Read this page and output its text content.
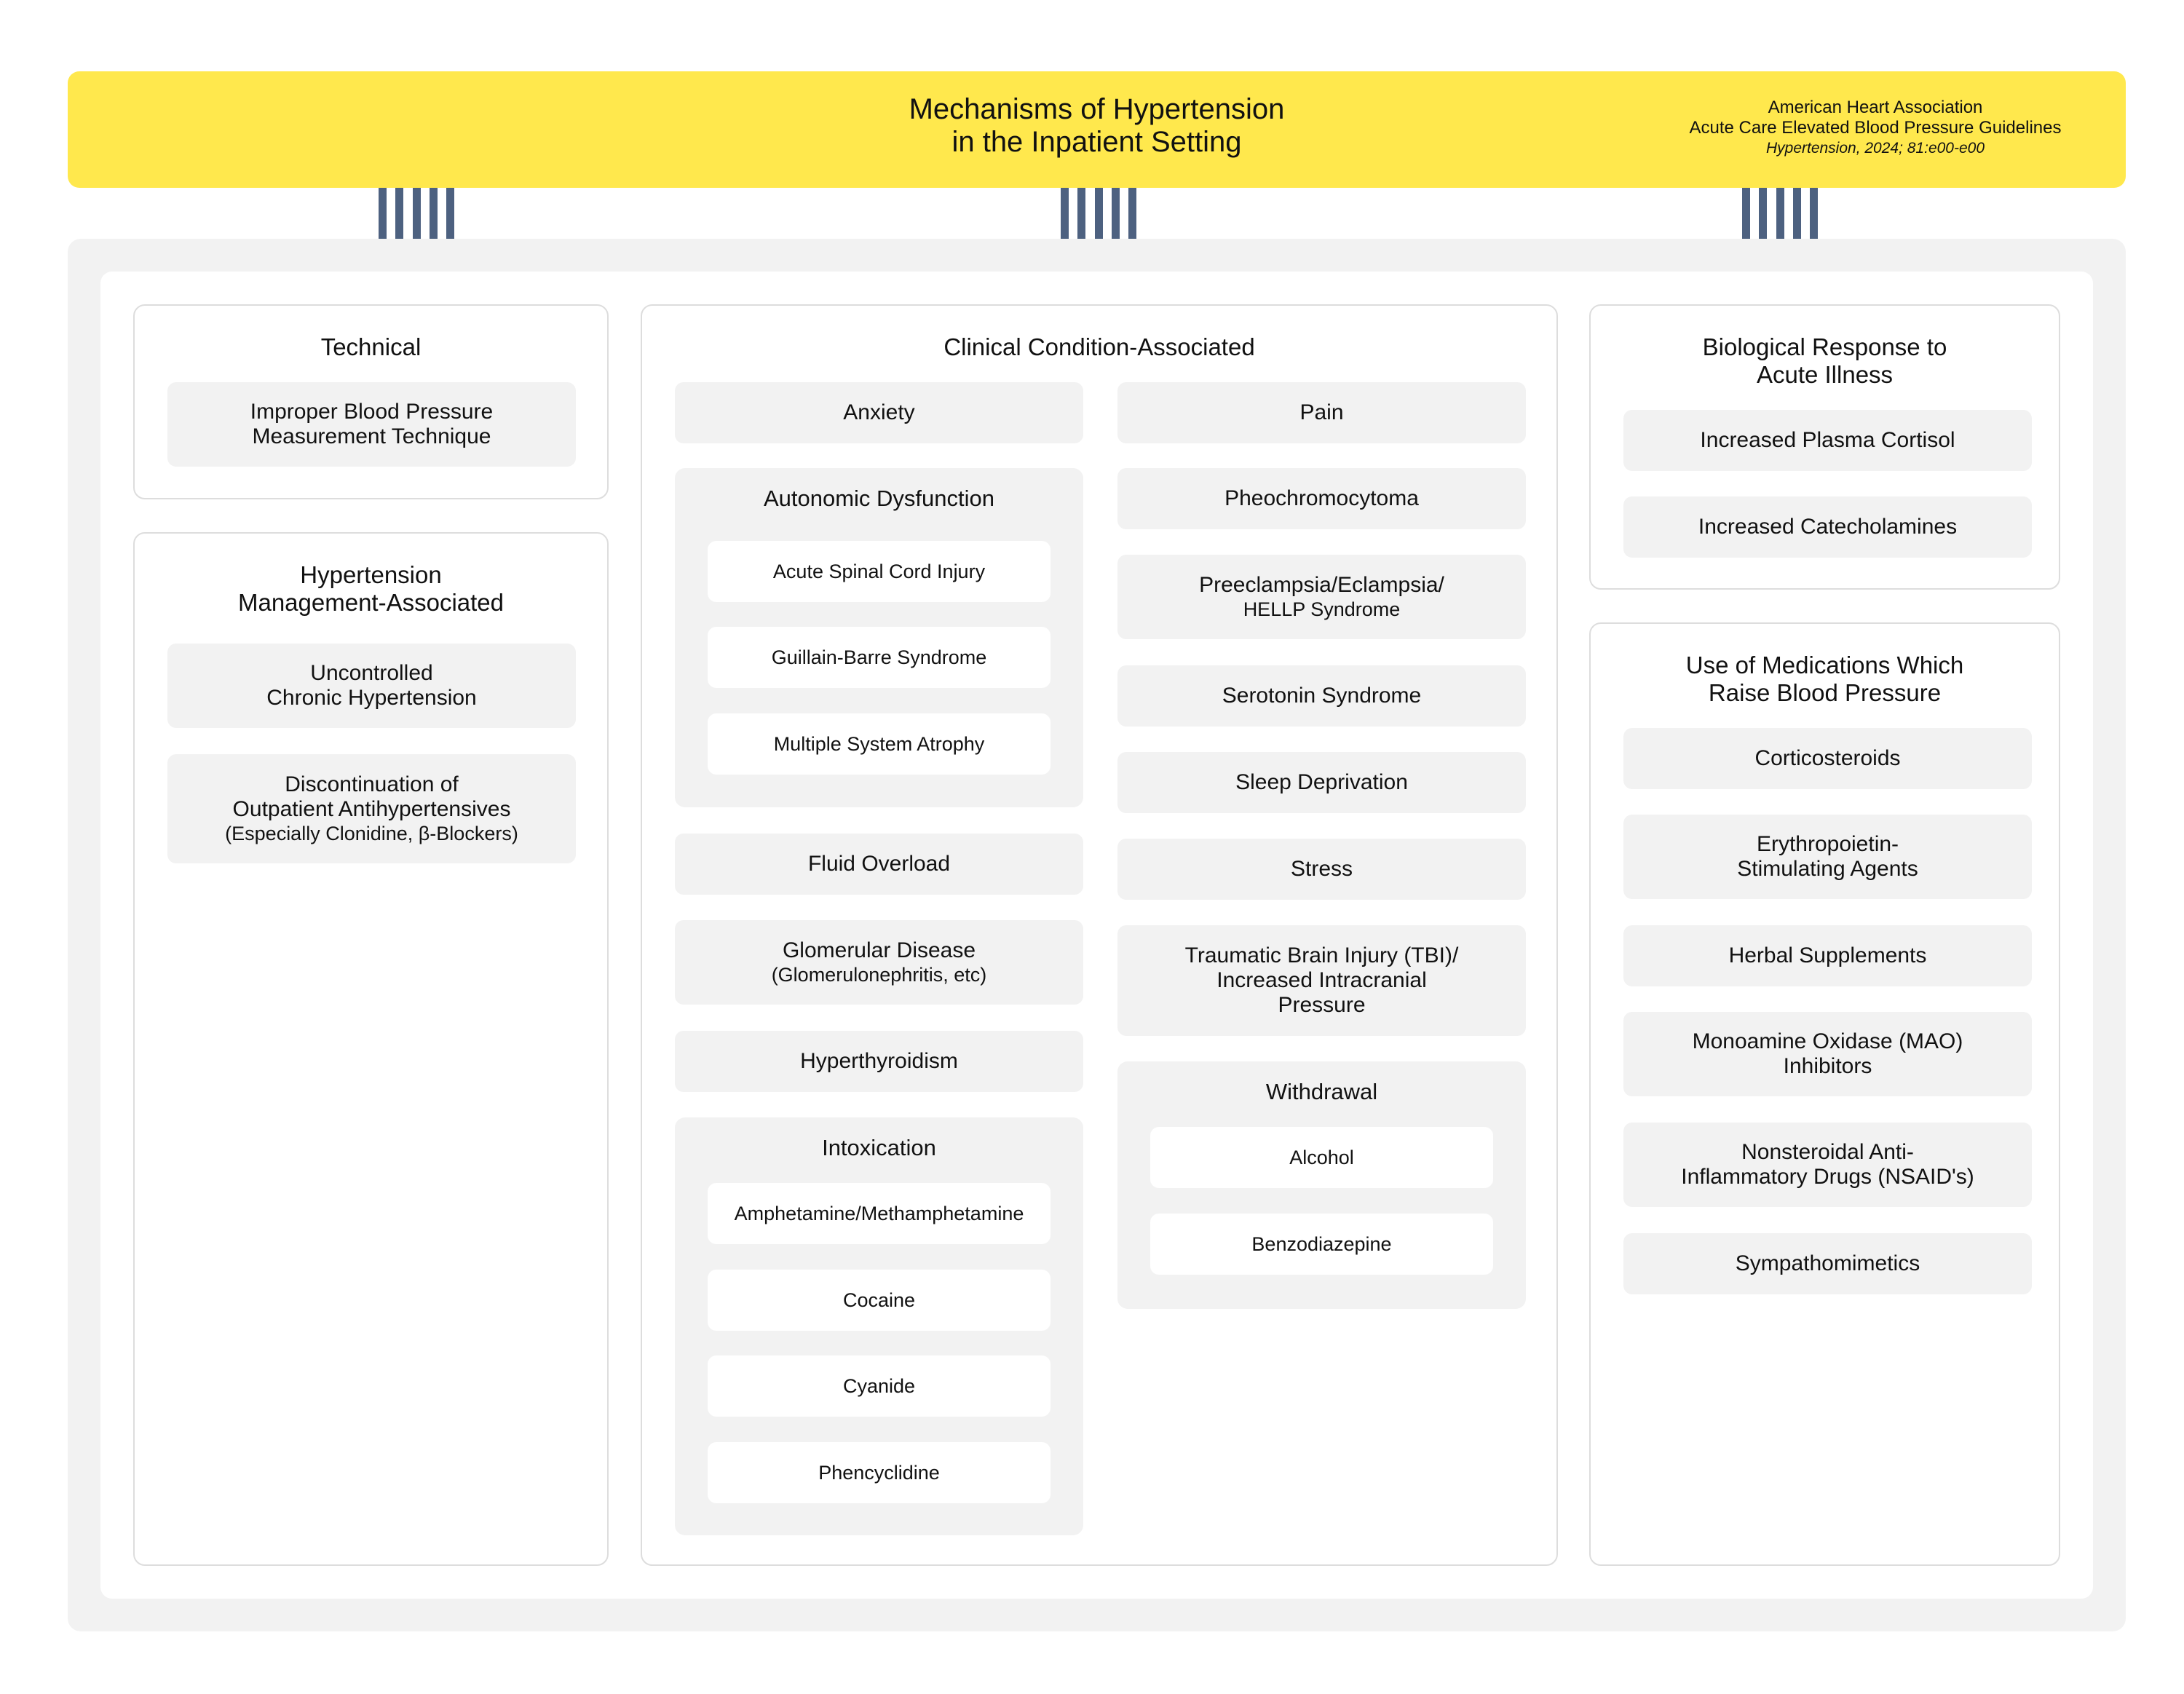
Mechanisms of Hypertension
in the Inpatient Setting
American Heart Association
Acute Care Elevated Blood Pressure Guidelines
Hypertension, 2024; 81:e00-e00
Technical
Improper Blood Pressure
Measurement Technique
Hypertension
Management-Associated
Uncontrolled
Chronic Hypertension
Discontinuation of
Outpatient Antihypertensives
(Especially Clonidine, β-Blockers)
Clinical Condition-Associated
Anxiety
Autonomic Dysfunction
Acute Spinal Cord Injury
Guillain-Barre Syndrome
Multiple System Atrophy
Fluid Overload
Glomerular Disease
(Glomerulonephritis, etc)
Hyperthyroidism
Intoxication
Amphetamine/Methamphetamine
Cocaine
Cyanide
Phencyclidine
Pain
Pheochromocytoma
Preeclampsia/Eclampsia/
HELLP Syndrome
Serotonin Syndrome
Sleep Deprivation
Stress
Traumatic Brain Injury (TBI)/
Increased Intracranial
Pressure
Withdrawal
Alcohol
Benzodiazepine
Biological Response to
Acute Illness
Increased Plasma Cortisol
Increased Catecholamines
Use of Medications Which
Raise Blood Pressure
Corticosteroids
Erythropoietin-
Stimulating Agents
Herbal Supplements
Monoamine Oxidase (MAO)
Inhibitors
Nonsteroidal Anti-
Inflammatory Drugs (NSAID's)
Sympathomimetics
